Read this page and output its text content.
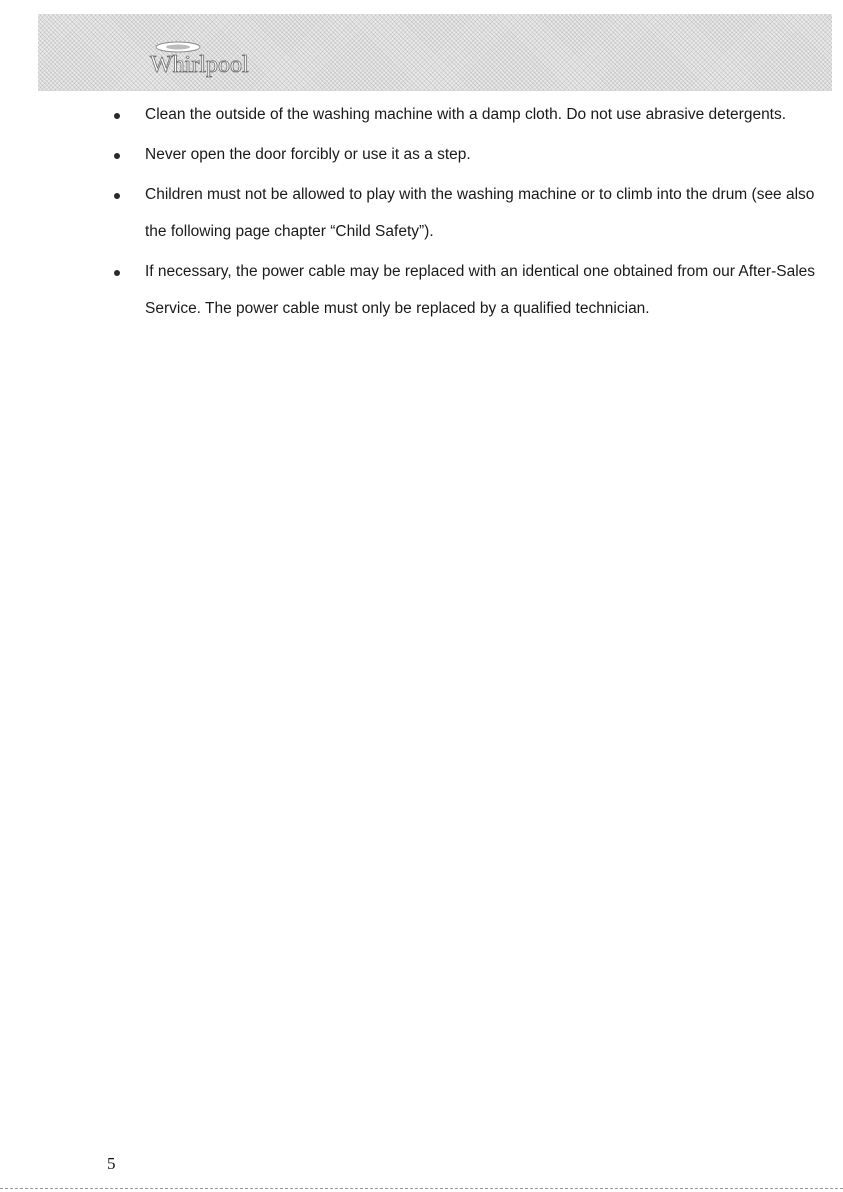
Whirlpool
Clean the outside of the washing machine with a damp cloth. Do not use abrasive detergents.
Never open the door forcibly or use it as a step.
Children must not be allowed to play with the washing machine or to climb into the drum (see also the following page chapter “Child Safety”).
If necessary, the power cable may be replaced with an identical one obtained from our After-Sales Service. The power cable must only be replaced by a qualified technician.
5
